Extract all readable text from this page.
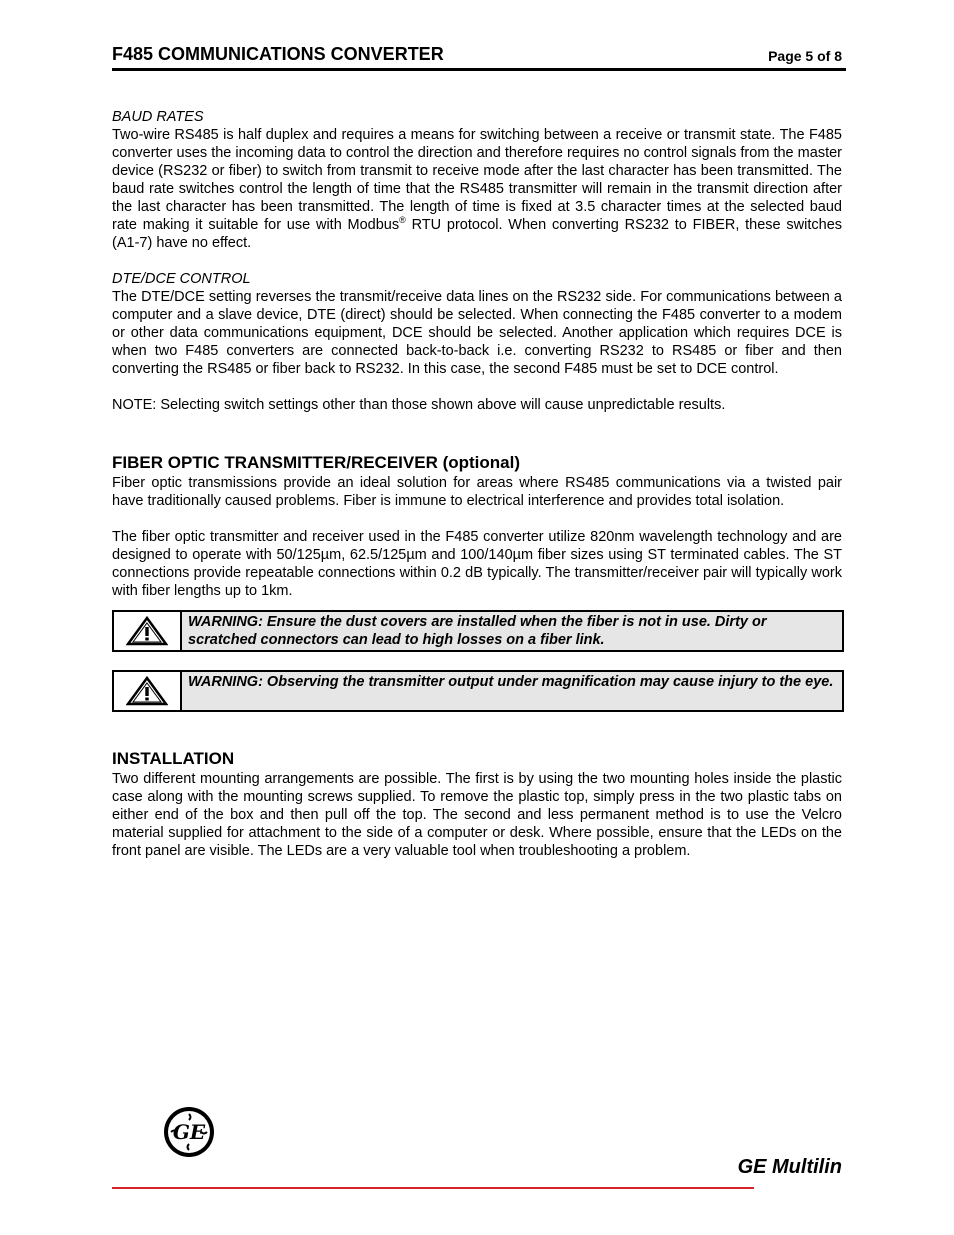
F485 COMMUNICATIONS CONVERTER	Page 5 of 8

BAUD RATES

Two-wire RS485 is half duplex and requires a means for switching between a receive or transmit state. The F485 converter uses the incoming data to control the direction and therefore requires no control signals from the master device (RS232 or fiber) to switch from transmit to receive mode after the last character has been transmitted. The baud rate switches control the length of time that the RS485 transmitter will remain in the transmit direction after the last character has been transmitted. The length of time is fixed at 3.5 character times at the selected baud rate making it suitable for use with Modbus® RTU protocol. When converting RS232 to FIBER, these switches (A1-7) have no effect.

DTE/DCE CONTROL

The DTE/DCE setting reverses the transmit/receive data lines on the RS232 side. For communications between a computer and a slave device, DTE (direct) should be selected. When connecting the F485 converter to a modem or other data communications equipment, DCE should be selected. Another application which requires DCE is when two F485 converters are connected back-to-back i.e. converting RS232 to RS485 or fiber and then converting the RS485 or fiber back to RS232. In this case, the second F485 must be set to DCE control.

NOTE: Selecting switch settings other than those shown above will cause unpredictable results.

FIBER OPTIC TRANSMITTER/RECEIVER (optional)

Fiber optic transmissions provide an ideal solution for areas where RS485 communications via a twisted pair have traditionally caused problems. Fiber is immune to electrical interference and provides total isolation.

The fiber optic transmitter and receiver used in the F485 converter utilize 820nm wavelength technology and are designed to operate with 50/125µm, 62.5/125µm and 100/140µm fiber sizes using ST terminated cables. The ST connections provide repeatable connections within 0.2 dB typically. The transmitter/receiver pair will typically work with fiber lengths up to 1km.

WARNING: Ensure the dust covers are installed when the fiber is not in use. Dirty or scratched connectors can lead to high losses on a fiber link.
WARNING: Observing the transmitter output under magnification may cause injury to the eye.

INSTALLATION

Two different mounting arrangements are possible. The first is by using the two mounting holes inside the plastic case along with the mounting screws supplied. To remove the plastic top, simply press in the two plastic tabs on either end of the box and then pull off the top. The second and less permanent method is to use the Velcro material supplied for attachment to the side of a computer or desk. Where possible, ensure that the LEDs on the front panel are visible. The LEDs are a very valuable tool when troubleshooting a problem.

GE
GE Multilin
